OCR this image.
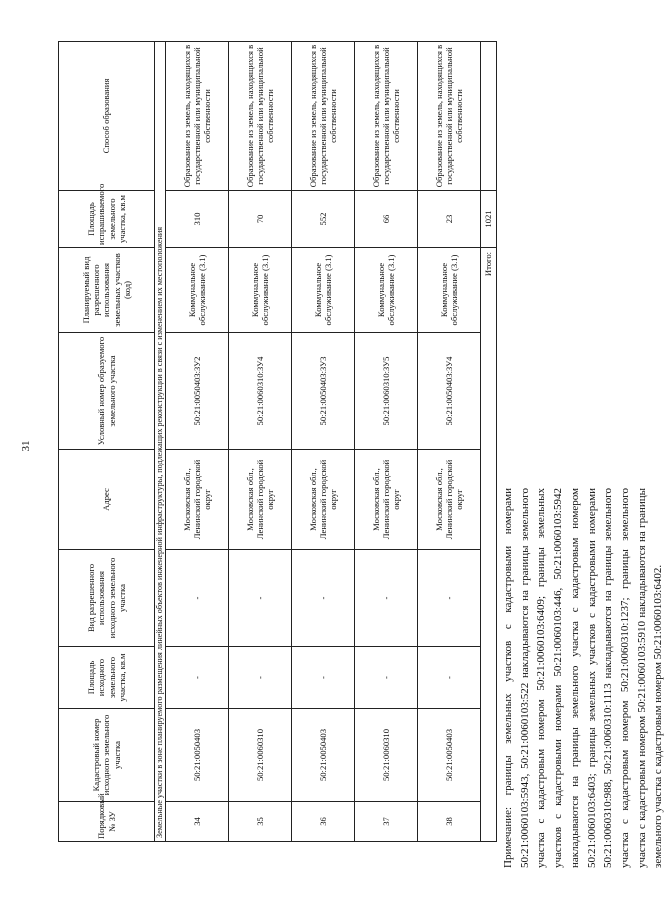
31
Порядковый № ЗУ	Кадастровый номер исходного земельного участка	Площадь исходного земельного участка, кв.м	Вид разрешенного использования исходного земельного участка	Адрес	Условный номер образуемого земельного участка	Планируемый вид разрешенного использования земельных участков (код)	Площадь испрашиваемого земельного участка, кв.м	Способ образования
Земельные участки в зоне планируемого размещения линейных объектов инженерной инфраструктуры, подлежащих реконструкции в связи с изменением их местоположения								
34	50:21:0050403	-	-	Московская обл., Ленинский городской округ	50:21:0050403:ЗУ2	Коммунальное обслуживание (3.1)	310	Образование из земель, находящихся в государственной или муниципальной собственности
35	50:21:0060310	-	-	Московская обл., Ленинский городской округ	50:21:0060310:ЗУ4	Коммунальное обслуживание (3.1)	70	Образование из земель, находящихся в государственной или муниципальной собственности
36	50:21:0050403	-	-	Московская обл., Ленинский городской округ	50:21:0050403:ЗУ3	Коммунальное обслуживание (3.1)	552	Образование из земель, находящихся в государственной или муниципальной собственности
37	50:21:0060310	-	-	Московская обл., Ленинский городской округ	50:21:0060310:ЗУ5	Коммунальное обслуживание (3.1)	66	Образование из земель, находящихся в государственной или муниципальной собственности
38	50:21:0050403	-	-	Московская обл., Ленинский городской округ	50:21:0050403:ЗУ4	Коммунальное обслуживание (3.1)	23	Образование из земель, находящихся в государственной или муниципальной собственности
Итого:							1021	

Примечание: границы земельных участков с кадастровыми номерами 50:21:0060103:5943, 50:21:0060103:522 накладываются на границы земельного участка с кадастровым номером 50:21:0060103:6409; границы земельных участков с кадастровыми номерами 50:21:0060103:446, 50:21:0060103:5942 накладываются на границы земельного участка с кадастровым номером 50:21:0060103:6403; границы земельных участков с кадастровыми номерами 50:21:0060310:988, 50:21:0060310:1113 накладываются на границы земельного участка с кадастровым номером 50:21:0060310:1237; границы земельного участка с кадастровым номером 50:21:0060103:5910 накладываются на границы земельного участка с кадастровым номером 50:21:0060103:6402.
